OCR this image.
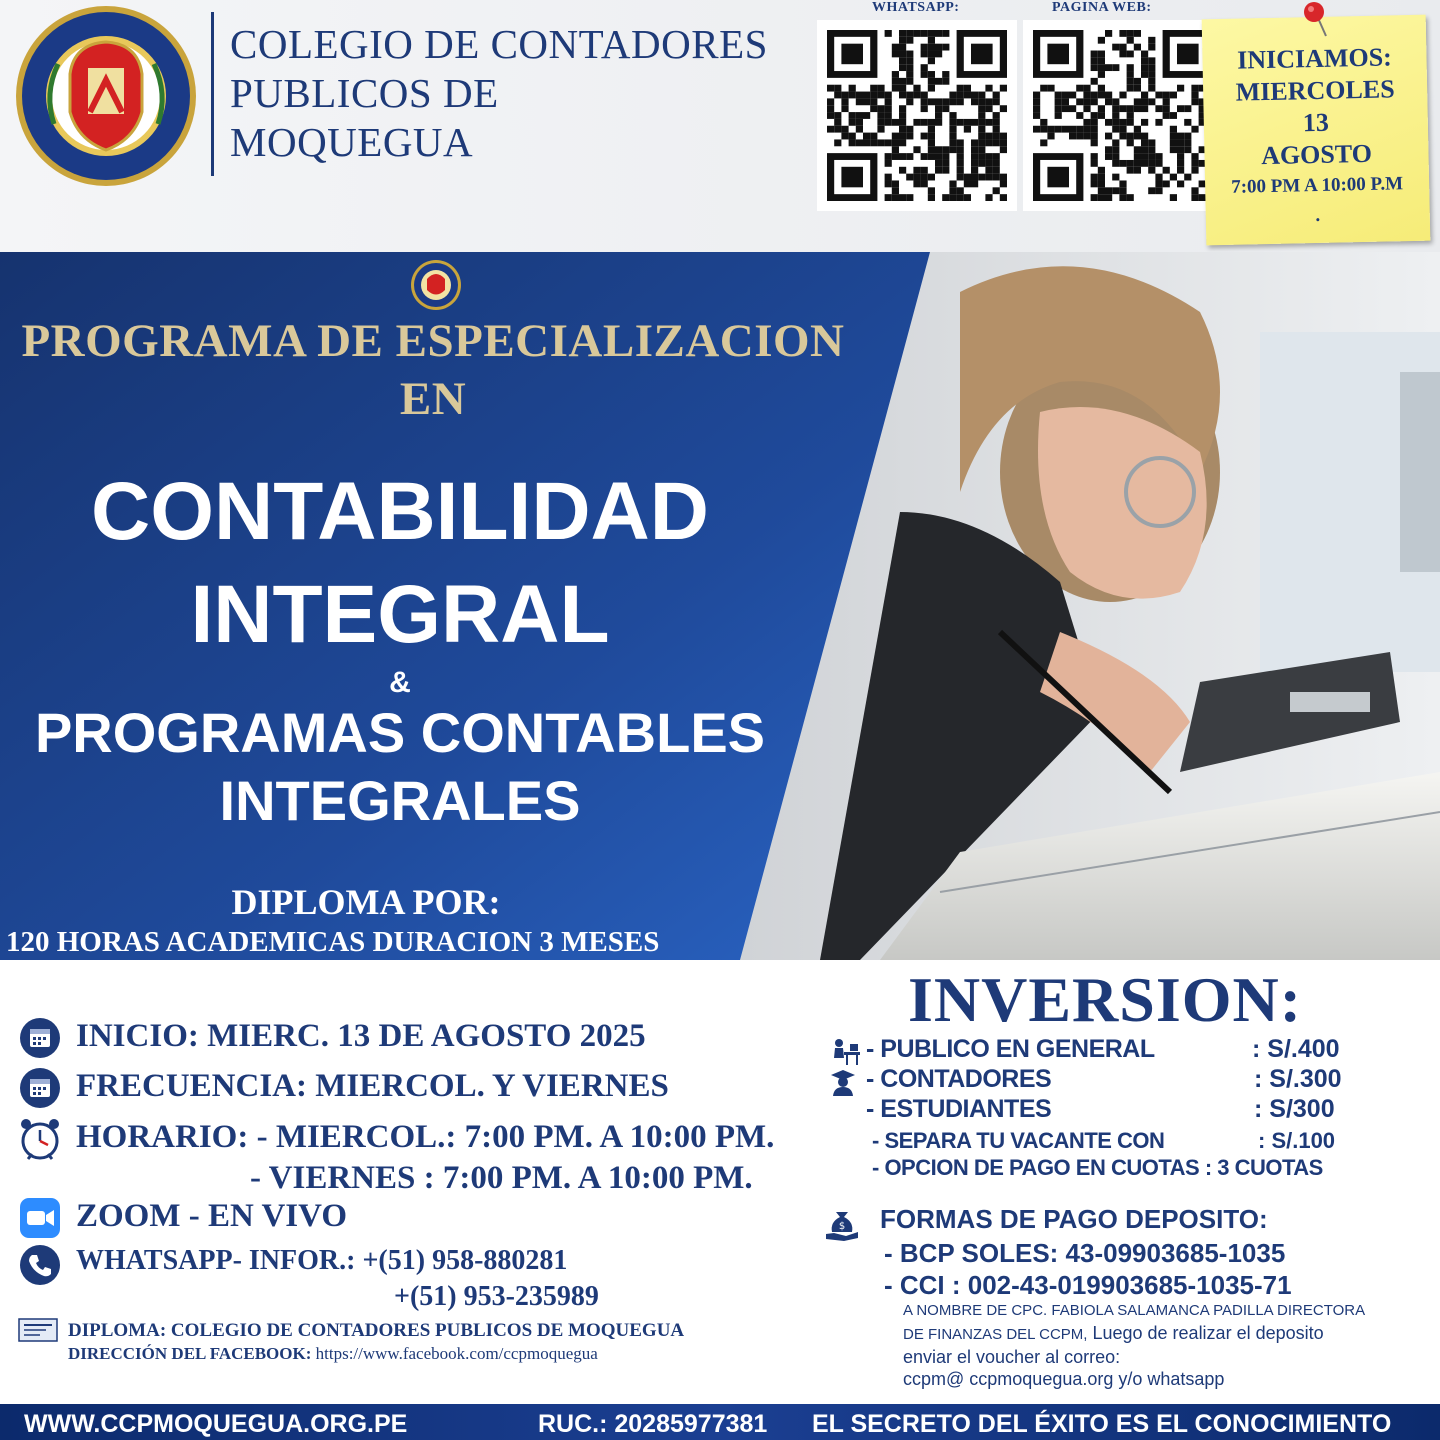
COLEGIO DE CONTADORES
PUBLICOS DE
MOQUEGUA
WHATSAPP:	PAGINA WEB:
INICIAMOS:
MIERCOLES
13
AGOSTO
7:00 PM A 10:00 P.M
.
PROGRAMA DE ESPECIALIZACION
EN
CONTABILIDAD
INTEGRAL
&
PROGRAMAS CONTABLES
INTEGRALES
DIPLOMA POR:
120 HORAS ACADEMICAS DURACION 3 MESES
INICIO: MIERC. 13 DE AGOSTO 2025
FRECUENCIA: MIERCOL. Y VIERNES
HORARIO: - MIERCOL.: 7:00 PM. A 10:00 PM.
- VIERNES : 7:00 PM. A 10:00 PM.
ZOOM - EN VIVO
WHATSAPP- INFOR.: +(51) 958-880281
+(51) 953-235989
DIPLOMA: COLEGIO DE CONTADORES PUBLICOS DE MOQUEGUA
DIRECCIÓN DEL FACEBOOK: https://www.facebook.com/ccpmoquegua
INVERSION:
- PUBLICO EN GENERAL	: S/.400
- CONTADORES	: S/.300
- ESTUDIANTES	: S/300
- SEPARA TU VACANTE CON	: S/.100
- OPCION DE PAGO EN CUOTAS : 3 CUOTAS
$ FORMAS DE PAGO DEPOSITO:
- BCP SOLES: 43-09903685-1035
- CCI : 002-43-019903685-1035-71
A NOMBRE DE CPC. FABIOLA SALAMANCA PADILLA DIRECTORA
DE FINANZAS DEL CCPM, Luego de realizar el deposito
enviar el voucher al correo:
ccpm@ ccpmoquegua.org y/o whatsapp
WWW.CCPMOQUEGUA.ORG.PE	RUC.: 20285977381 EL SECRETO DEL ÉXITO ES EL CONOCIMIENTO
